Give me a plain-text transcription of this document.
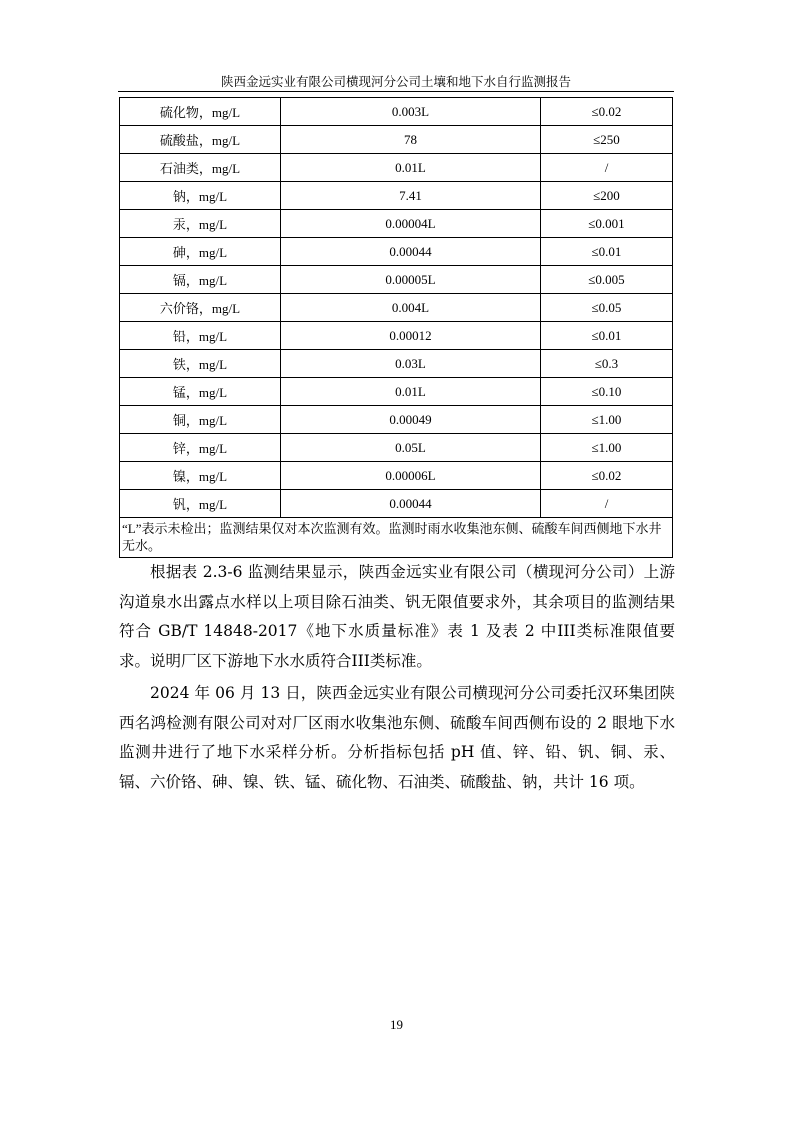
陕西金远实业有限公司横现河分公司土壤和地下水自行监测报告
硫化物，mg/L	0.003L	≤0.02
硫酸盐，mg/L	78	≤250
石油类，mg/L	0.01L	/
钠，mg/L	7.41	≤200
汞，mg/L	0.00004L	≤0.001
砷，mg/L	0.00044	≤0.01
镉，mg/L	0.00005L	≤0.005
六价铬，mg/L	0.004L	≤0.05
铅，mg/L	0.00012	≤0.01
铁，mg/L	0.03L	≤0.3
锰，mg/L	0.01L	≤0.10
铜，mg/L	0.00049	≤1.00
锌，mg/L	0.05L	≤1.00
镍，mg/L	0.00006L	≤0.02
钒，mg/L	0.00044	/
“L”表示未检出；监测结果仅对本次监测有效。监测时雨水收集池东侧、硫酸车间西侧地下水井无水。		

根据表 2.3-6 监测结果显示，陕西金远实业有限公司（横现河分公司）上游沟道泉水出露点水样以上项目除石油类、钒无限值要求外，其余项目的监测结果符合 GB/T 14848-2017《地下水质量标准》表 1 及表 2 中III类标准限值要求。说明厂区下游地下水水质符合III类标准。

2024 年 06 月 13 日，陕西金远实业有限公司横现河分公司委托汉环集团陕西名鸿检测有限公司对对厂区雨水收集池东侧、硫酸车间西侧布设的 2 眼地下水监测井进行了地下水采样分析。分析指标包括 pH 值、锌、铅、钒、铜、汞、镉、六价铬、砷、镍、铁、锰、硫化物、石油类、硫酸盐、钠，共计 16 项。

19
